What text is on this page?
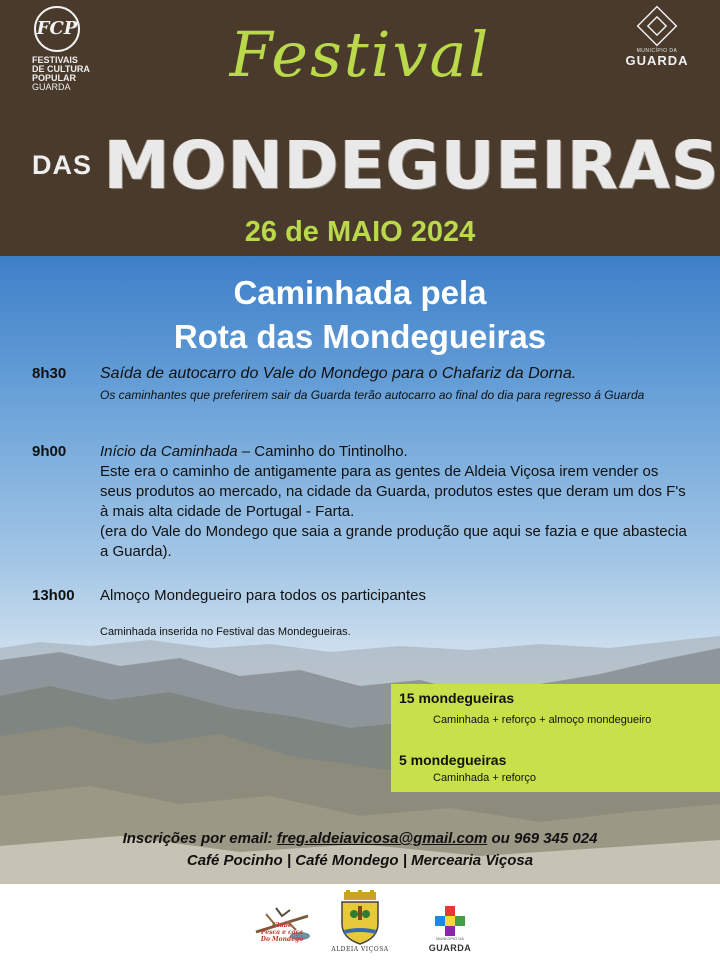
FCP
FESTIVAIS
DE CULTURA
POPULAR
GUARDA
MUNICÍPIO DA
GUARDA
Festival
DAS MONDEGUEIRAS
26 de MAIO 2024
Caminhada pela
Rota das Mondegueiras
8h30 Saída de autocarro do Vale do Mondego para o Chafariz da Dorna.
Os caminhantes que preferirem sair da Guarda terão autocarro ao final do dia para regresso á Guarda
9h00 Início da Caminhada – Caminho do Tintinolho.
Este era o caminho de antigamente para as gentes de Aldeia Viçosa irem vender os seus produtos ao mercado, na cidade da Guarda, produtos estes que deram um dos F's à mais alta cidade de Portugal - Farta.
(era do Vale do Mondego que saia a grande produção que aqui se fazia e que abastecia a Guarda).
13h00 Almoço Mondegueiro para todos os participantes
Caminhada inserida no Festival das Mondegueiras.
15 mondegueiras
Caminhada + reforço + almoço mondegueiro
5 mondegueiras
Caminhada + reforço
Inscrições por email: freg.aldeiavicosa@gmail.com ou 969 345 024
Café Pocinho | Café Mondego | Mercearia Viçosa
Clube
Pesca e caça
Do Mondego
ALDEIA VIÇOSA
MUNICÍPIO DA
GUARDA
